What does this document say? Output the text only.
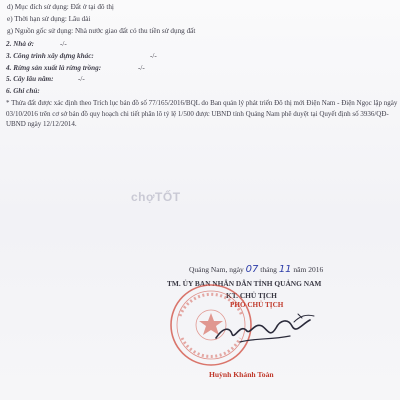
d) Mục đích sử dụng: Đất ở tại đô thị
e) Thời hạn sử dụng: Lâu dài
g) Nguồn gốc sử dụng: Nhà nước giao đất có thu tiền sử dụng đất
2. Nhà ở:	-/-
3. Công trình xây dựng khác:	-/-
4. Rừng sản xuất là rừng trồng:	-/-
5. Cây lâu năm:	-/-
6. Ghi chú:
* Thửa đất được xác định theo Trích lục bản đồ số 77/165/2016/BQL do Ban quản lý phát triển Đô thị mới Điện Nam - Điện Ngọc lập ngày 03/10/2016 trên cơ sở bản đồ quy hoạch chi tiết phân lô tỷ lệ 1/500 được UBND tỉnh Quảng Nam phê duyệt tại Quyết định số 3936/QĐ-UBND ngày 12/12/2014.
chợTỐT
Quảng Nam, ngày 07 tháng 11 năm 2016
TM. ỦY BAN NHÂN DÂN TỈNH QUẢNG NAM
KT. CHỦ TỊCH
PHÓ CHỦ TỊCH
Huỳnh Khánh Toàn
